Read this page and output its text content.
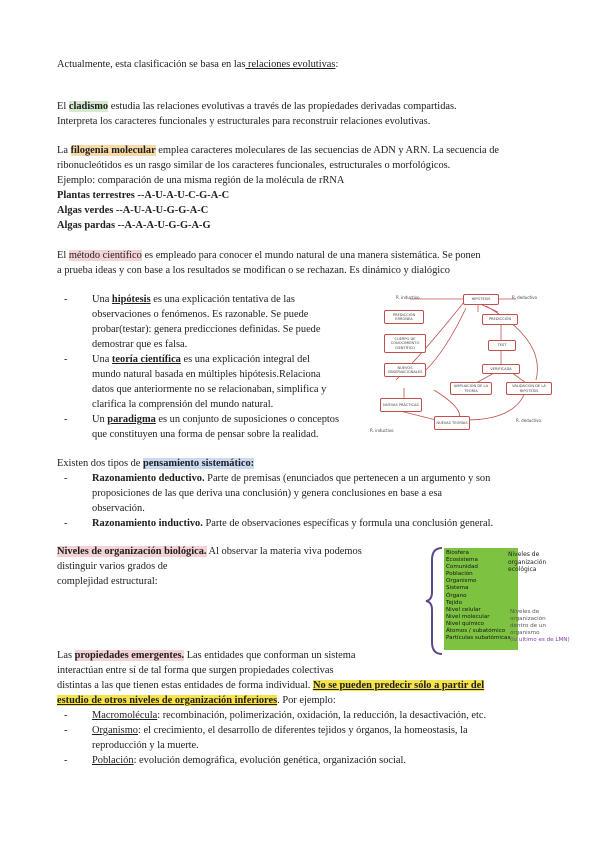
Actualmente, esta clasificación se basa en las relaciones evolutivas:

El cladismo estudia las relaciones evolutivas a través de las propiedades derivadas compartidas.
Interpreta los caracteres funcionales y estructurales para reconstruir relaciones evolutivas.
La filogenia molecular emplea caracteres moleculares de las secuencias de ADN y ARN. La secuencia de
ribonucleótidos es un rasgo similar de los caracteres funcionales, estructurales o morfológicos.
Ejemplo: comparación de una misma región de la molécula de rRNA
Plantas terrestres --A-U-A-U-C-G-A-C
Algas verdes --A-U-A-U-G-G-A-C
Algas pardas --A-A-A-U-G-G-A-G
El método científico es empleado para conocer el mundo natural de una manera sistemática. Se ponen
a prueba ideas y con base a los resultados se modifican o se rechazan. Es dinámico y dialógico
- Una hipótesis es una explicación tentativa de las
observaciones o fenómenos. Es razonable. Se puede
probar(testar): genera predicciones definidas. Se puede
demostrar que es falsa.
- Una teoría científica es una explicación integral del
mundo natural basada en múltiples hipótesis.Relaciona
datos que anteriormente no se relacionaban, simplifica y
clarifica la comprensión del mundo natural.
- Un paradigma es un conjunto de suposiciones o conceptos
que constituyen una forma de pensar sobre la realidad.
R. inductivo	R. deductivo
HIPÓTESIS
PREDICCIÓN ERRÓNEA	PREDICCIÓN
CUERPO DE CONOCIMIENTO CIENTÍFICO
TEST
NUEVOS OBSERVACIONALES
VERIFICADA
AMPLIACIÓN DE LA TEORÍA
VALIDACIÓN DE LA HIPÓTESIS
NUEVAS PRÁCTICAS
NUEVAS TEORÍAS
R. inductivo
R. deductivo
Existen dos tipos de pensamiento sistemático:
- Razonamiento deductivo. Parte de premisas (enunciados que pertenecen a un argumento y son
proposiciones de las que deriva una conclusión) y genera conclusiones en base a esa
observación.
- Razonamiento inductivo. Parte de observaciones específicas y formula una conclusión general.
Niveles de organización biológica. Al observar la materia viva podemos
distinguir varios grados de
complejidad estructural:
Biosfera
Ecosistema
Comunidad
Población
Organismo
Sistema
Órgano
Tejido
Nivel celular
Nivel molecular
Nivel químico
Átomos / subatómico
Partículas subatómicas
Niveles de
organización
ecológica
Niveles de
organización
dentro de un
organismo
(lo ultimo es de LMN)
Las propiedades emergentes. Las entidades que conforman un sistema
interactúan entre sí de tal forma que surgen propiedades colectivas
distintas a las que tienen estas entidades de forma individual. No se pueden predecir sólo a partir del
estudio de otros niveles de organización inferiores. Por ejemplo:
- Macromolécula: recombinación, polimerización, oxidación, la reducción, la desactivación, etc.
- Organismo: el crecimiento, el desarrollo de diferentes tejidos y órganos, la homeostasis, la
reproducción y la muerte.
- Población: evolución demográfica, evolución genética, organización social.
